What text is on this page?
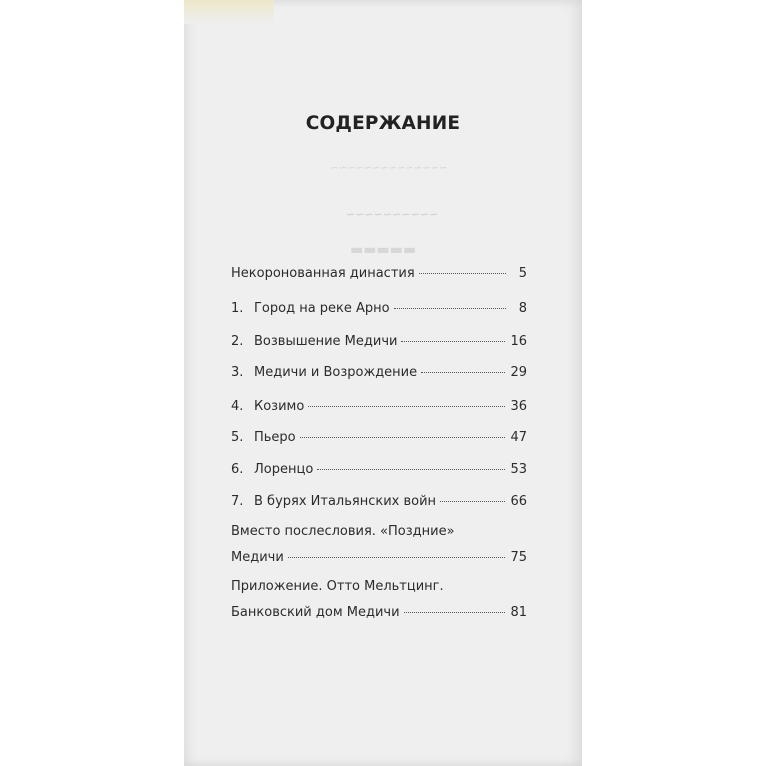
~~~~~~~~~~~~~~
~~~~~~~~~~
▬▬▬▬▬
СОДЕРЖАНИЕ
Некоронованная династия	5
1. Город на реке Арно	8
2. Возвышение Медичи	16
3. Медичи и Возрождение	29
4. Козимо	36
5. Пьеро	47
6. Лоренцо	53
7. В бурях Итальянских войн	66
Вместо послесловия. «Поздние»
Медичи	75
Приложение. Отто Мельтцинг.
Банковский дом Медичи	81
